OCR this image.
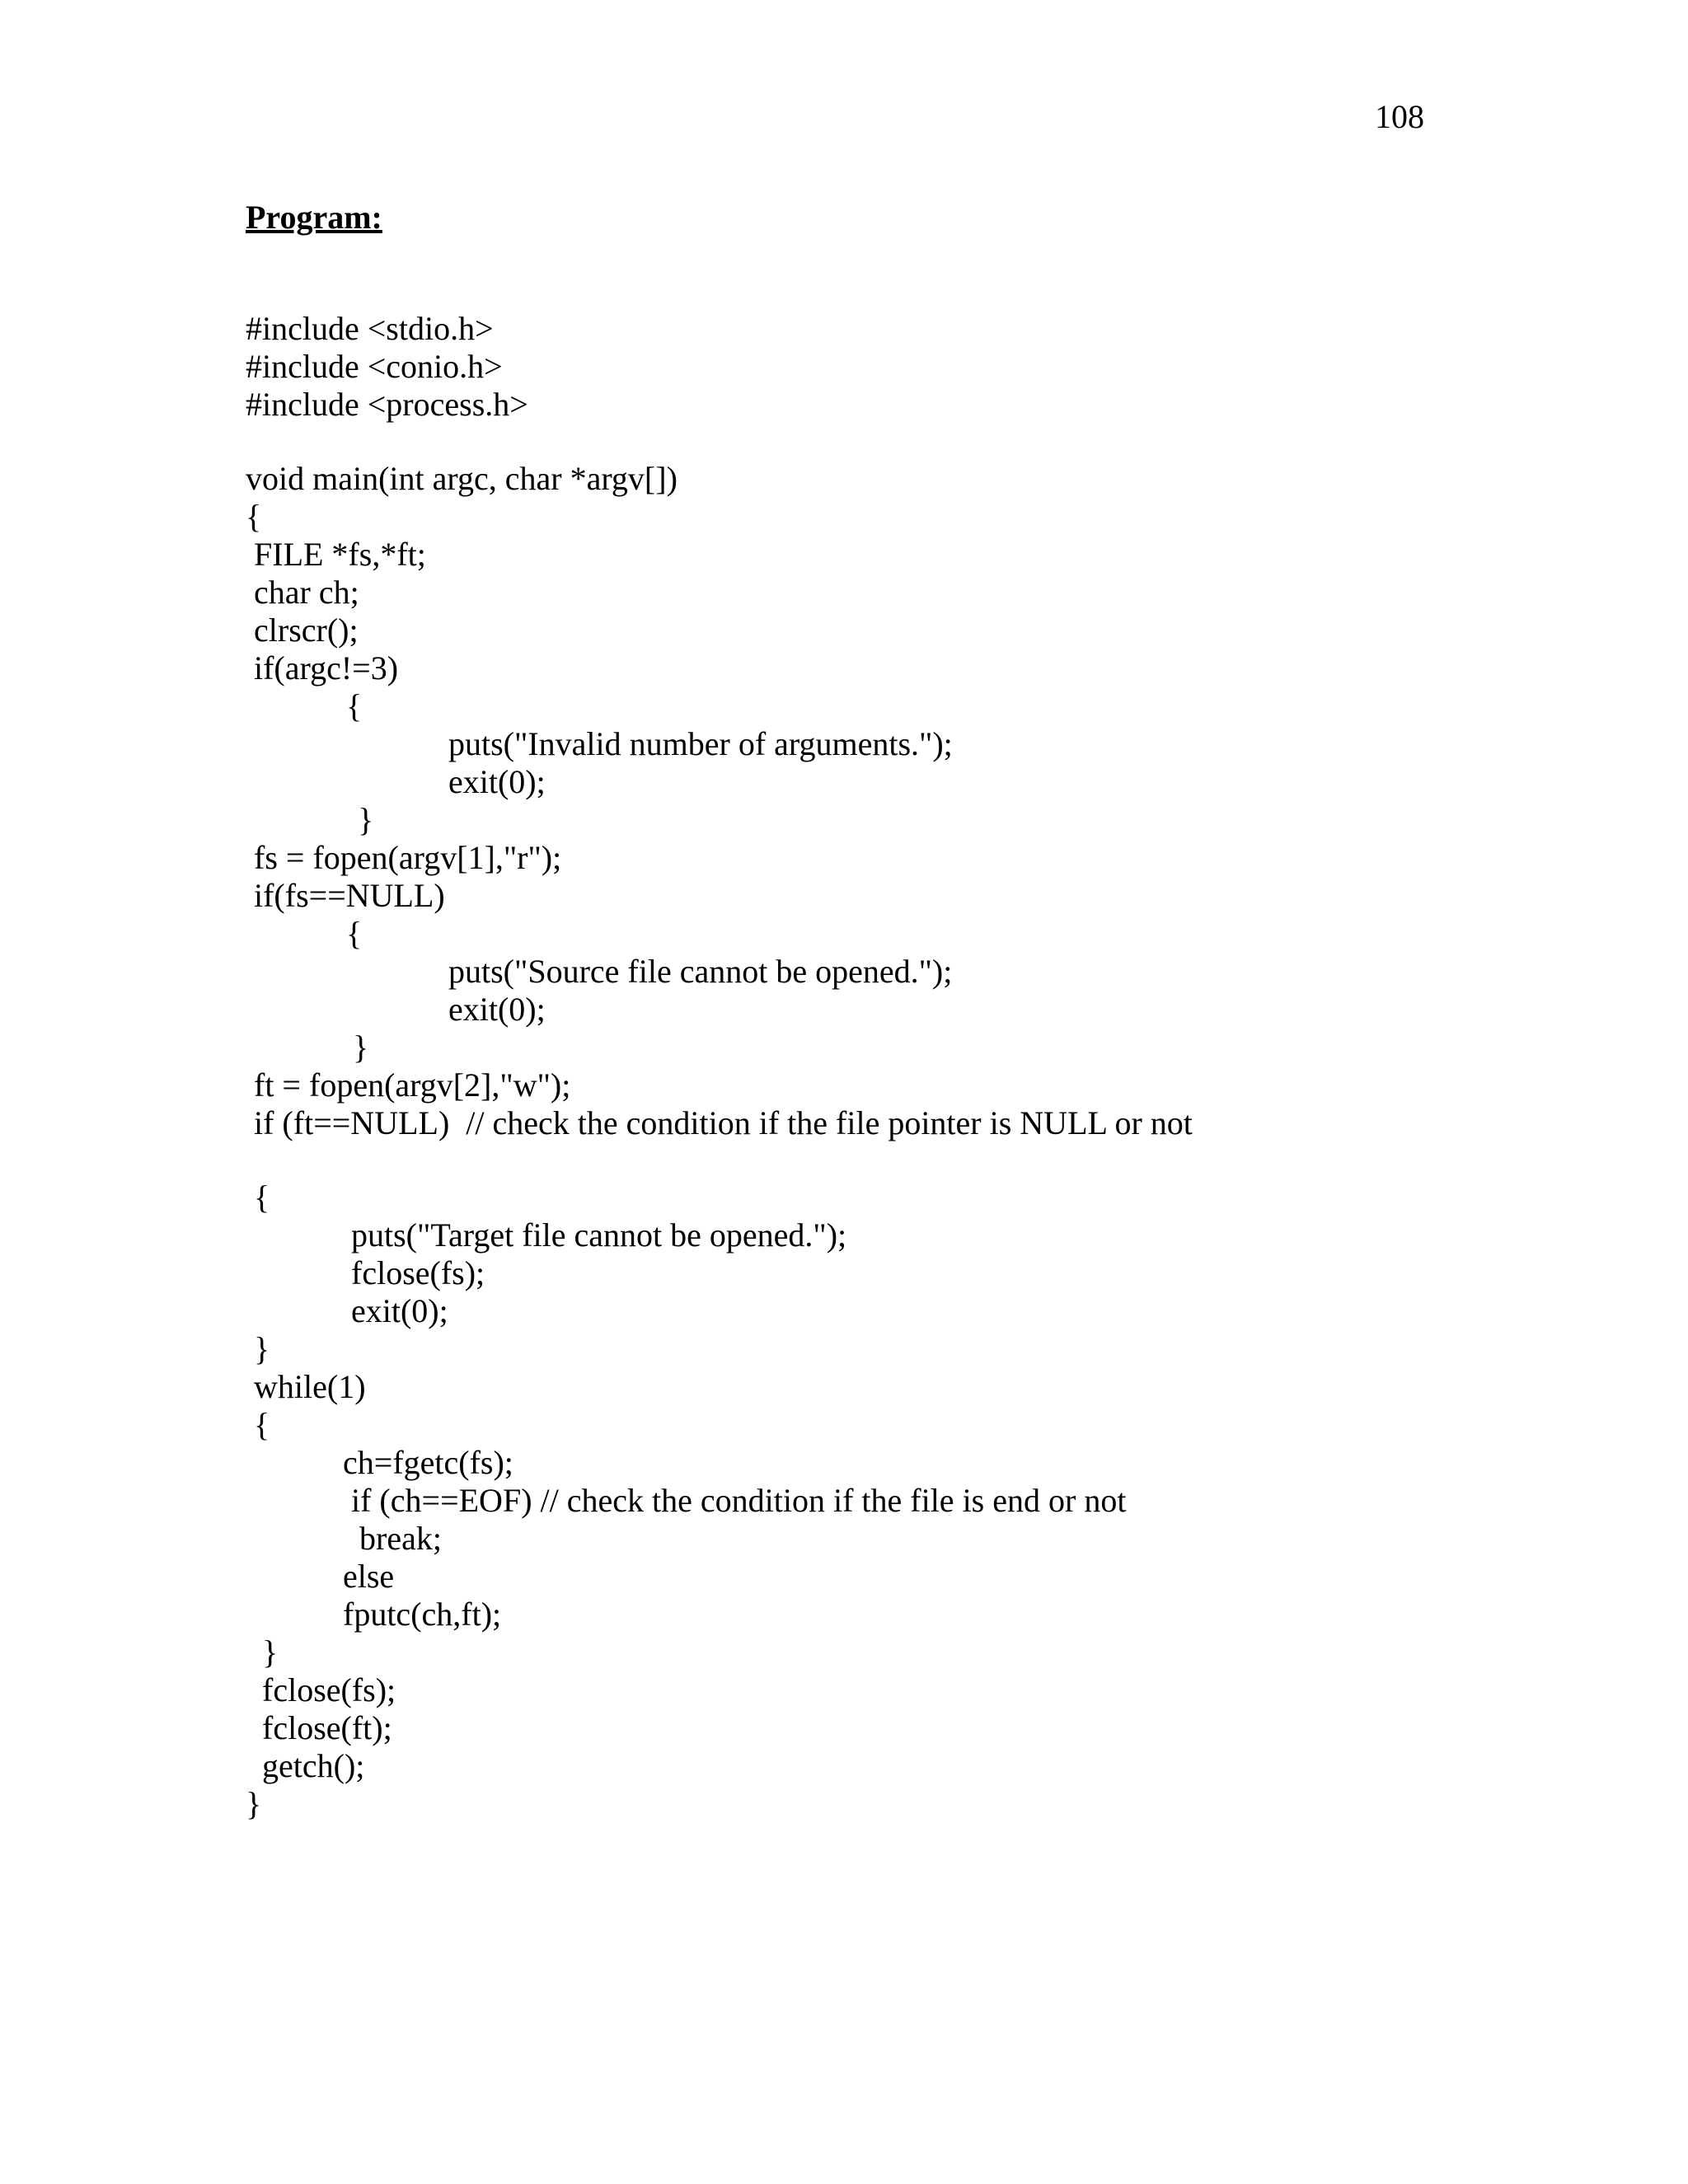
108
Program:
#include <stdio.h>
#include <conio.h>
#include <process.h>
void main(int argc, char *argv[])
{
FILE *fs,*ft;
char ch;
clrscr();
if(argc!=3)
{
puts("Invalid number of arguments.");
exit(0);
}
fs = fopen(argv[1],"r");
if(fs==NULL)
{
puts("Source file cannot be opened.");
exit(0);
}
ft = fopen(argv[2],"w");
if (ft==NULL)  // check the condition if the file pointer is NULL or not
{
puts("Target file cannot be opened.");
fclose(fs);
exit(0);
}
while(1)
{
ch=fgetc(fs);
if (ch==EOF) // check the condition if the file is end or not
break;
else
fputc(ch,ft);
}
fclose(fs);
fclose(ft);
getch();
}
